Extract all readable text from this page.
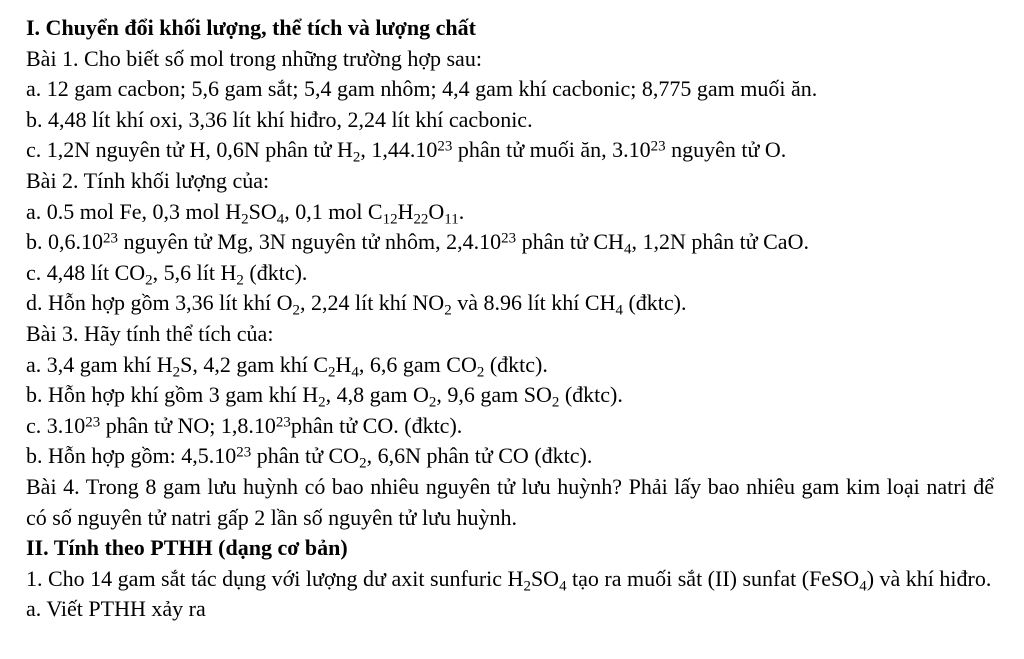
I. Chuyển đổi khối lượng, thể tích và lượng chất

Bài 1. Cho biết số mol trong những trường hợp sau:

a. 12 gam cacbon; 5,6 gam sắt; 5,4 gam nhôm; 4,4 gam khí cacbonic; 8,775 gam muối ăn.

b. 4,48 lít khí oxi, 3,36 lít khí hiđro, 2,24 lít khí cacbonic.

c. 1,2N nguyên tử H, 0,6N phân tử $H_2$, 1,44.10$^{23}$ phân tử muối ăn, 3.10$^{23}$ nguyên tử O.

Bài 2. Tính khối lượng của:

a. 0.5 mol Fe, 0,3 mol $H_2SO_4$, 0,1 mol $C_{12}H_{22}O_{11}$.

b. 0,6.10$^{23}$ nguyên tử Mg, 3N nguyên tử nhôm, 2,4.10$^{23}$ phân tử $CH_4$, 1,2N phân tử CaO.

c. 4,48 lít $CO_2$, 5,6 lít $H_2$ (đktc).

d. Hỗn hợp gồm 3,36 lít khí $O_2$, 2,24 lít khí $NO_2$ và 8.96 lít khí $CH_4$ (đktc).

Bài 3. Hãy tính thể tích của:

a. 3,4 gam khí $H_2S$, 4,2 gam khí $C_2H_4$, 6,6 gam $CO_2$ (đktc).

b. Hỗn hợp khí gồm 3 gam khí $H_2$, 4,8 gam $O_2$, 9,6 gam $SO_2$ (đktc).

c. 3.10$^{23}$ phân tử NO; 1,8.10$^{23}$phân tử CO. (đktc).

b. Hỗn hợp gồm: 4,5.10$^{23}$ phân tử $CO_2$, 6,6N phân tử CO (đktc).

Bài 4. Trong 8 gam lưu huỳnh có bao nhiêu nguyên tử lưu huỳnh? Phải lấy bao nhiêu gam kim loại natri để có số nguyên tử natri gấp 2 lần số nguyên tử lưu huỳnh.

II. Tính theo PTHH (dạng cơ bản)

1. Cho 14 gam sắt tác dụng với lượng dư axit sunfuric $H_2SO_4$ tạo ra muối sắt (II) sunfat (FeSO$_4$) và khí hiđro.

a. Viết PTHH xảy ra
